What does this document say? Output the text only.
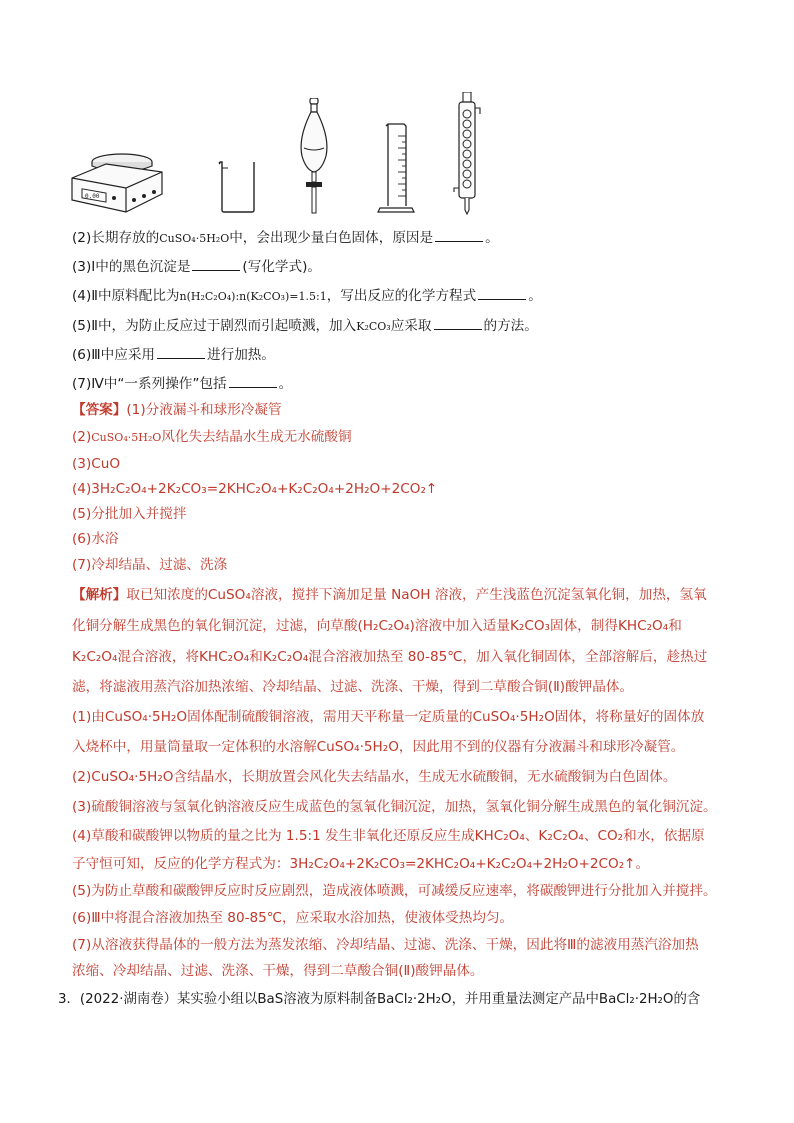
0.00
(2)长期存放的CuSO₄·5H₂O中，会出现少量白色固体，原因是	。
(3)Ⅰ中的黑色沉淀是	(写化学式)。
(4)Ⅱ中原料配比为n(H₂C₂O₄):n(K₂CO₃)=1.5:1，写出反应的化学方程式	。
(5)Ⅱ中，为防止反应过于剧烈而引起喷溅，加入K₂CO₃应采取	的方法。
(6)Ⅲ中应采用	进行加热。
(7)Ⅳ中“一系列操作”包括	。
【答案】(1)分液漏斗和球形冷凝管
(2)CuSO₄·5H₂O风化失去结晶水生成无水硫酸铜
(3)CuO
(4)3H₂C₂O₄+2K₂CO₃=2KHC₂O₄+K₂C₂O₄+2H₂O+2CO₂↑
(5)分批加入并搅拌
(6)水浴
(7)冷却结晶、过滤、洗涤
【解析】取已知浓度的CuSO₄溶液，搅拌下滴加足量 NaOH 溶液，产生浅蓝色沉淀氢氧化铜，加热，氢氧
化铜分解生成黑色的氧化铜沉淀，过滤，向草酸(H₂C₂O₄)溶液中加入适量K₂CO₃固体，制得KHC₂O₄和
K₂C₂O₄混合溶液，将KHC₂O₄和K₂C₂O₄混合溶液加热至 80-85℃，加入氧化铜固体，全部溶解后，趁热过
滤，将滤液用蒸汽浴加热浓缩、冷却结晶、过滤、洗涤、干燥，得到二草酸合铜(Ⅱ)酸钾晶体。
(1)由CuSO₄·5H₂O固体配制硫酸铜溶液，需用天平称量一定质量的CuSO₄·5H₂O固体，将称量好的固体放
入烧杯中，用量筒量取一定体积的水溶解CuSO₄·5H₂O，因此用不到的仪器有分液漏斗和球形冷凝管。
(2)CuSO₄·5H₂O含结晶水，长期放置会风化失去结晶水，生成无水硫酸铜，无水硫酸铜为白色固体。
(3)硫酸铜溶液与氢氧化钠溶液反应生成蓝色的氢氧化铜沉淀，加热，氢氧化铜分解生成黑色的氧化铜沉淀。
(4)草酸和碳酸钾以物质的量之比为 1.5:1 发生非氧化还原反应生成KHC₂O₄、K₂C₂O₄、CO₂和水，依据原
子守恒可知，反应的化学方程式为：3H₂C₂O₄+2K₂CO₃=2KHC₂O₄+K₂C₂O₄+2H₂O+2CO₂↑。
(5)为防止草酸和碳酸钾反应时反应剧烈，造成液体喷溅，可减缓反应速率，将碳酸钾进行分批加入并搅拌。
(6)Ⅲ中将混合溶液加热至 80-85℃，应采取水浴加热，使液体受热均匀。
(7)从溶液获得晶体的一般方法为蒸发浓缩、冷却结晶、过滤、洗涤、干燥，因此将Ⅲ的滤液用蒸汽浴加热
浓缩、冷却结晶、过滤、洗涤、干燥，得到二草酸合铜(Ⅱ)酸钾晶体。
3．(2022·湖南卷）某实验小组以BaS溶液为原料制备BaCl₂·2H₂O，并用重量法测定产品中BaCl₂·2H₂O的含
